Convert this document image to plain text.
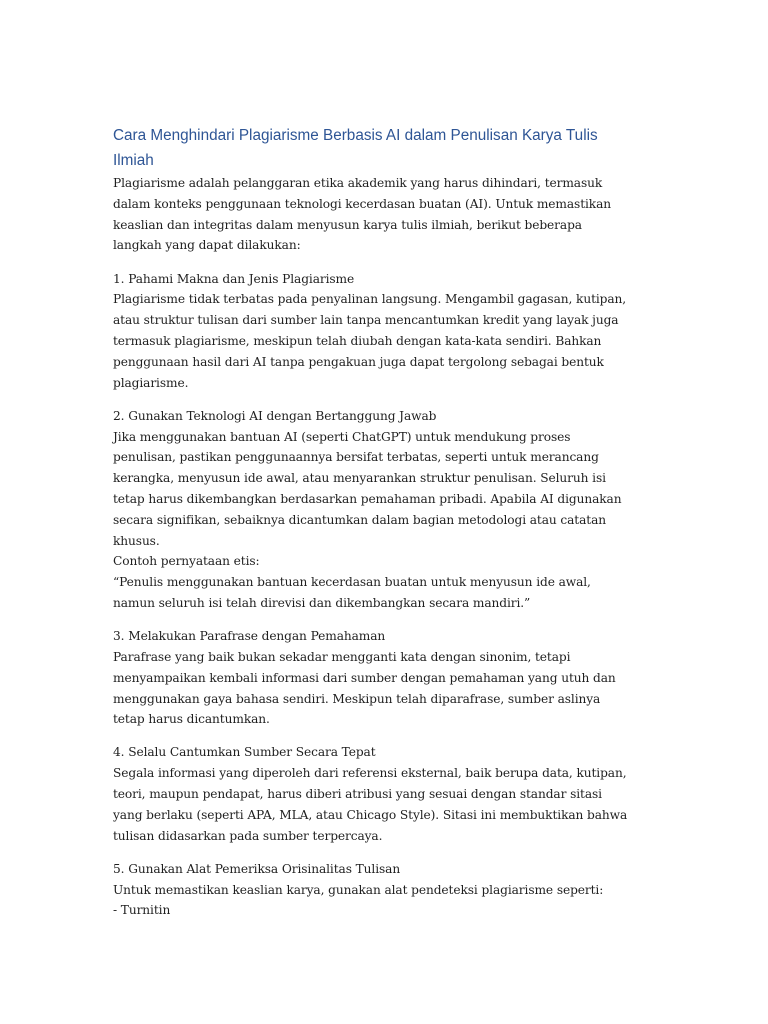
Cara Menghindari Plagiarisme Berbasis AI dalam Penulisan Karya Tulis
Ilmiah

Plagiarisme adalah pelanggaran etika akademik yang harus dihindari, termasuk
dalam konteks penggunaan teknologi kecerdasan buatan (AI). Untuk memastikan
keaslian dan integritas dalam menyusun karya tulis ilmiah, berikut beberapa
langkah yang dapat dilakukan:

1. Pahami Makna dan Jenis Plagiarisme
Plagiarisme tidak terbatas pada penyalinan langsung. Mengambil gagasan, kutipan,
atau struktur tulisan dari sumber lain tanpa mencantumkan kredit yang layak juga
termasuk plagiarisme, meskipun telah diubah dengan kata-kata sendiri. Bahkan
penggunaan hasil dari AI tanpa pengakuan juga dapat tergolong sebagai bentuk
plagiarisme.

2. Gunakan Teknologi AI dengan Bertanggung Jawab
Jika menggunakan bantuan AI (seperti ChatGPT) untuk mendukung proses
penulisan, pastikan penggunaannya bersifat terbatas, seperti untuk merancang
kerangka, menyusun ide awal, atau menyarankan struktur penulisan. Seluruh isi
tetap harus dikembangkan berdasarkan pemahaman pribadi. Apabila AI digunakan
secara signifikan, sebaiknya dicantumkan dalam bagian metodologi atau catatan
khusus.
Contoh pernyataan etis:
“Penulis menggunakan bantuan kecerdasan buatan untuk menyusun ide awal,
namun seluruh isi telah direvisi dan dikembangkan secara mandiri.”

3. Melakukan Parafrase dengan Pemahaman
Parafrase yang baik bukan sekadar mengganti kata dengan sinonim, tetapi
menyampaikan kembali informasi dari sumber dengan pemahaman yang utuh dan
menggunakan gaya bahasa sendiri. Meskipun telah diparafrase, sumber aslinya
tetap harus dicantumkan.

4. Selalu Cantumkan Sumber Secara Tepat
Segala informasi yang diperoleh dari referensi eksternal, baik berupa data, kutipan,
teori, maupun pendapat, harus diberi atribusi yang sesuai dengan standar sitasi
yang berlaku (seperti APA, MLA, atau Chicago Style). Sitasi ini membuktikan bahwa
tulisan didasarkan pada sumber terpercaya.

5. Gunakan Alat Pemeriksa Orisinalitas Tulisan
Untuk memastikan keaslian karya, gunakan alat pendeteksi plagiarisme seperti:
- Turnitin
